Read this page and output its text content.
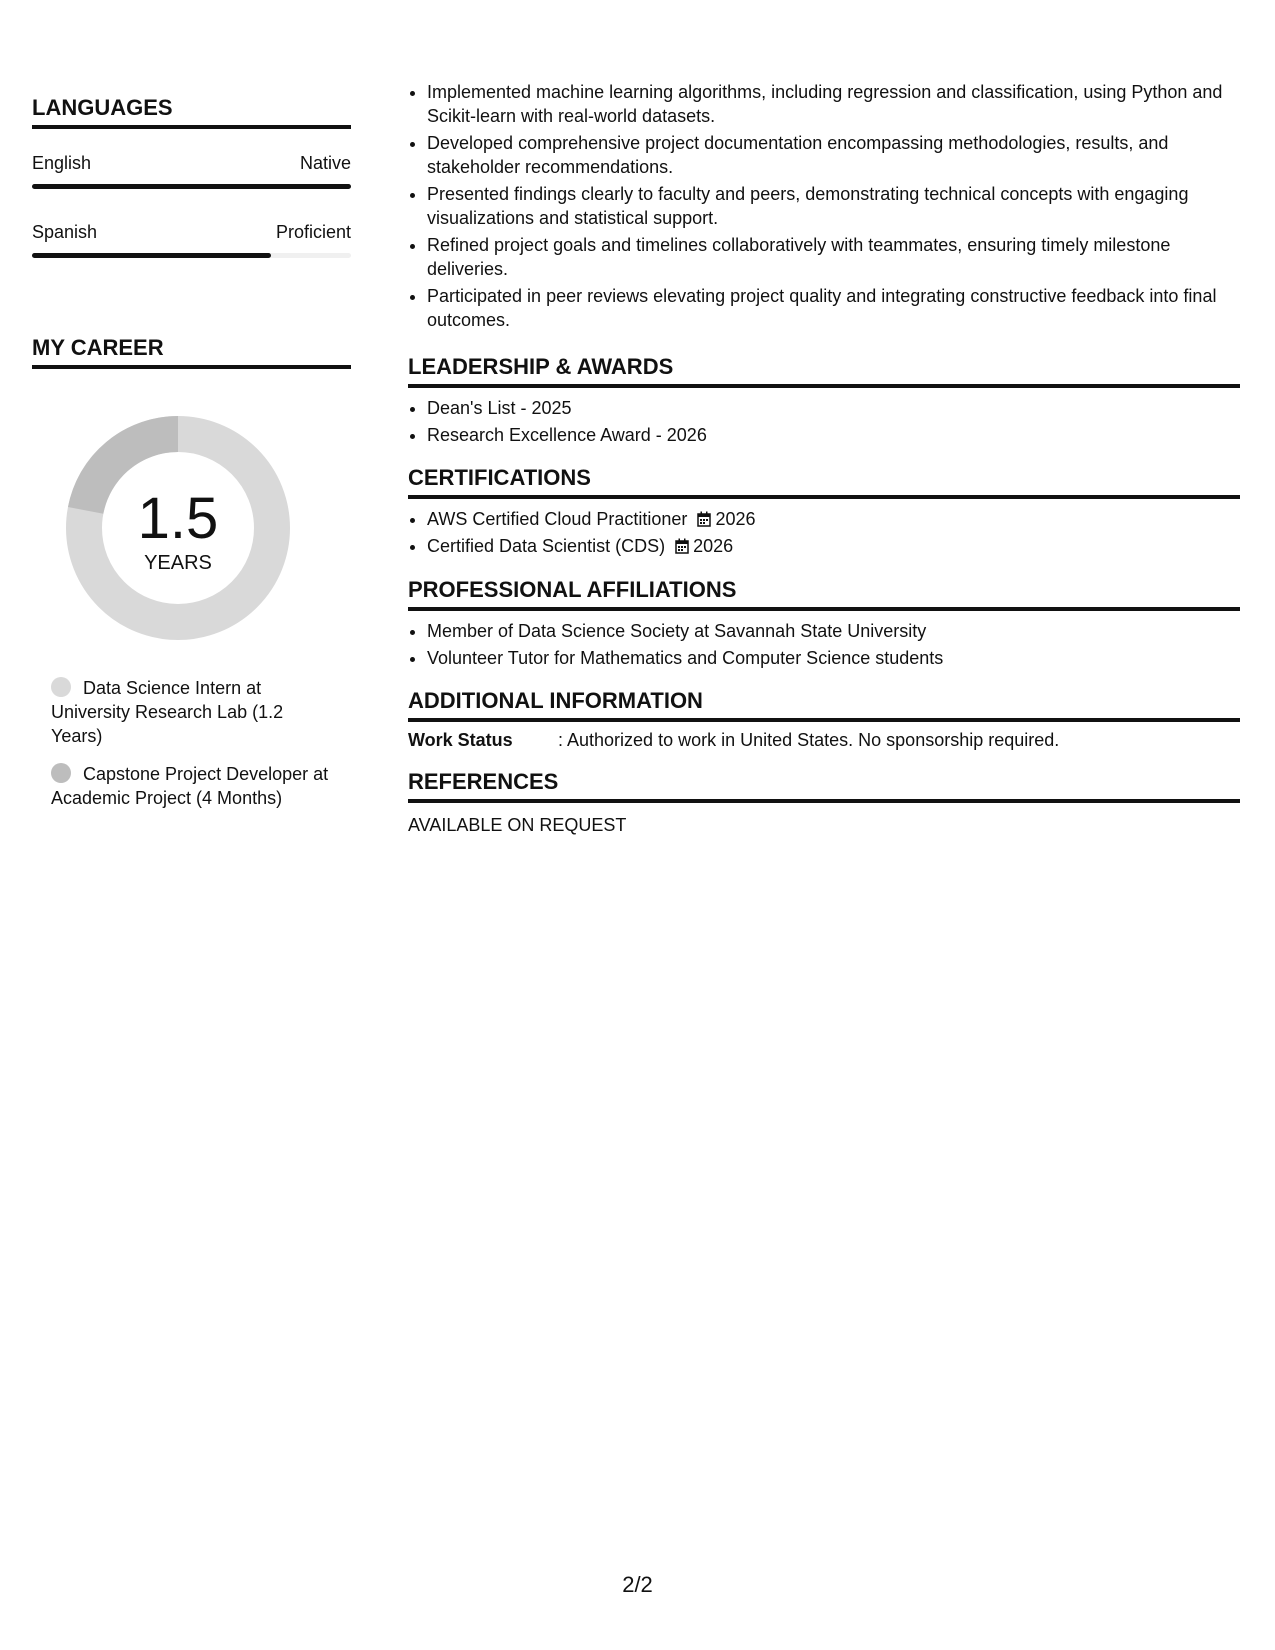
LANGUAGES
English	Native
Spanish	Proficient
MY CAREER
1.5
YEARS
Data Science Intern at University Research Lab (1.2 Years)
Capstone Project Developer at Academic Project (4 Months)
• Implemented machine learning algorithms, including regression and classification, using Python and Scikit-learn with real-world datasets.
• Developed comprehensive project documentation encompassing methodologies, results, and stakeholder recommendations.
• Presented findings clearly to faculty and peers, demonstrating technical concepts with engaging visualizations and statistical support.
• Refined project goals and timelines collaboratively with teammates, ensuring timely milestone deliveries.
• Participated in peer reviews elevating project quality and integrating constructive feedback into final outcomes.
LEADERSHIP & AWARDS
• Dean's List - 2025
• Research Excellence Award - 2026
CERTIFICATIONS
• AWS Certified Cloud Practitioner 2026
• Certified Data Scientist (CDS) 2026
PROFESSIONAL AFFILIATIONS
• Member of Data Science Society at Savannah State University
• Volunteer Tutor for Mathematics and Computer Science students
ADDITIONAL INFORMATION
Work Status	: Authorized to work in United States. No sponsorship required.
REFERENCES
AVAILABLE ON REQUEST
2/2
